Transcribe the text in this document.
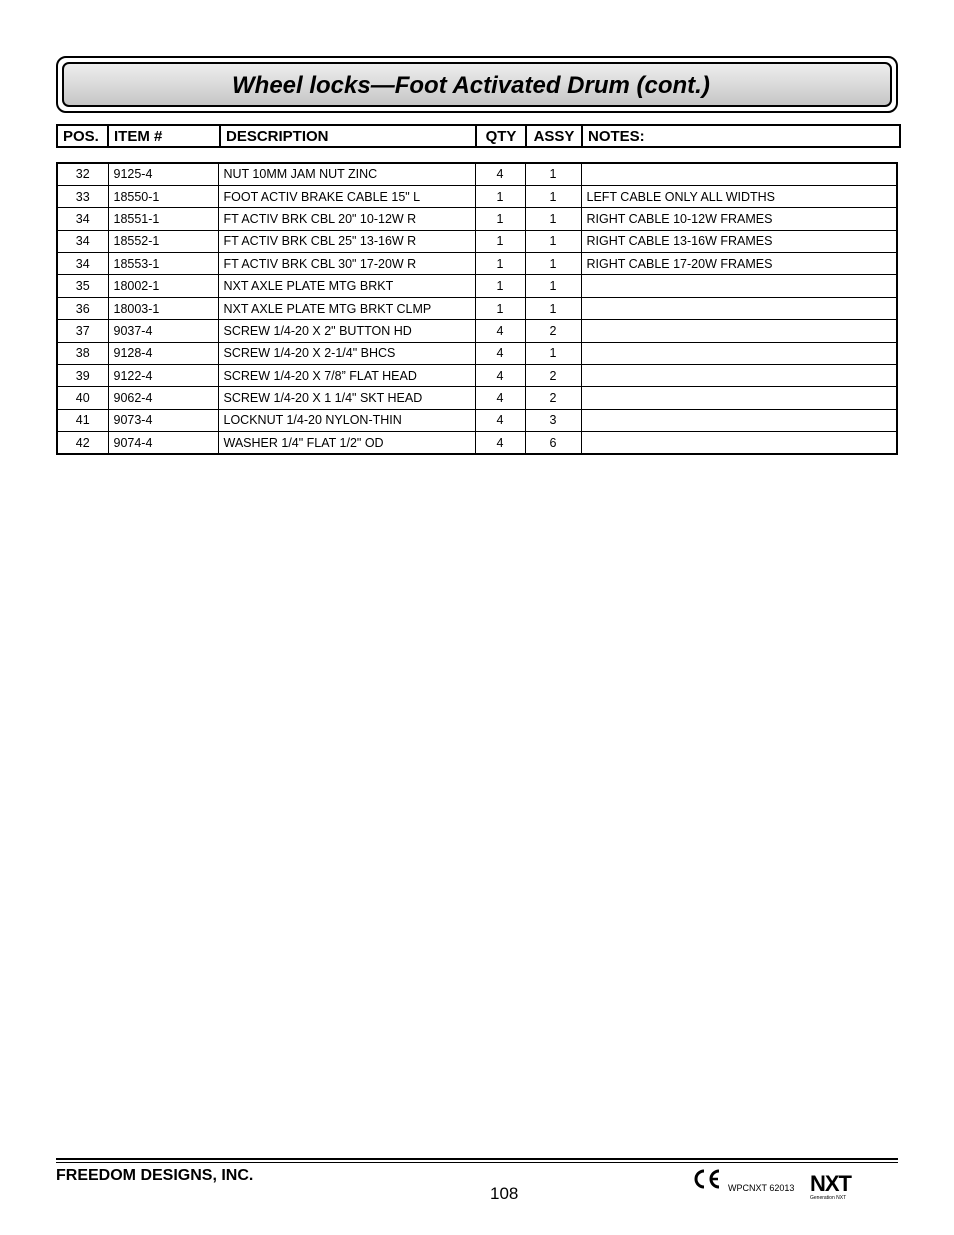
Wheel locks—Foot Activated Drum (cont.)
POS.	ITEM #	DESCRIPTION	QTY	ASSY	NOTES:
32	9125-4	NUT 10MM JAM NUT ZINC	4	1	
33	18550-1	FOOT ACTIV BRAKE CABLE 15" L	1	1	LEFT CABLE ONLY ALL WIDTHS
34	18551-1	FT ACTIV BRK CBL 20" 10-12W R	1	1	RIGHT CABLE 10-12W FRAMES
34	18552-1	FT ACTIV BRK CBL 25" 13-16W R	1	1	RIGHT CABLE 13-16W FRAMES
34	18553-1	FT ACTIV BRK CBL 30" 17-20W R	1	1	RIGHT CABLE 17-20W FRAMES
35	18002-1	NXT AXLE PLATE MTG BRKT	1	1	
36	18003-1	NXT AXLE PLATE MTG BRKT CLMP	1	1	
37	9037-4	SCREW 1/4-20 X 2" BUTTON HD	4	2	
38	9128-4	SCREW 1/4-20 X 2-1/4" BHCS	4	1	
39	9122-4	SCREW 1/4-20 X 7/8” FLAT HEAD	4	2	
40	9062-4	SCREW 1/4-20 X 1 1/4" SKT HEAD	4	2	
41	9073-4	LOCKNUT 1/4-20 NYLON-THIN	4	3	
42	9074-4	WASHER 1/4" FLAT 1/2" OD	4	6	
FREEDOM DESIGNS, INC.
108	WPCNXT 62013 NXT
Generation NXT
